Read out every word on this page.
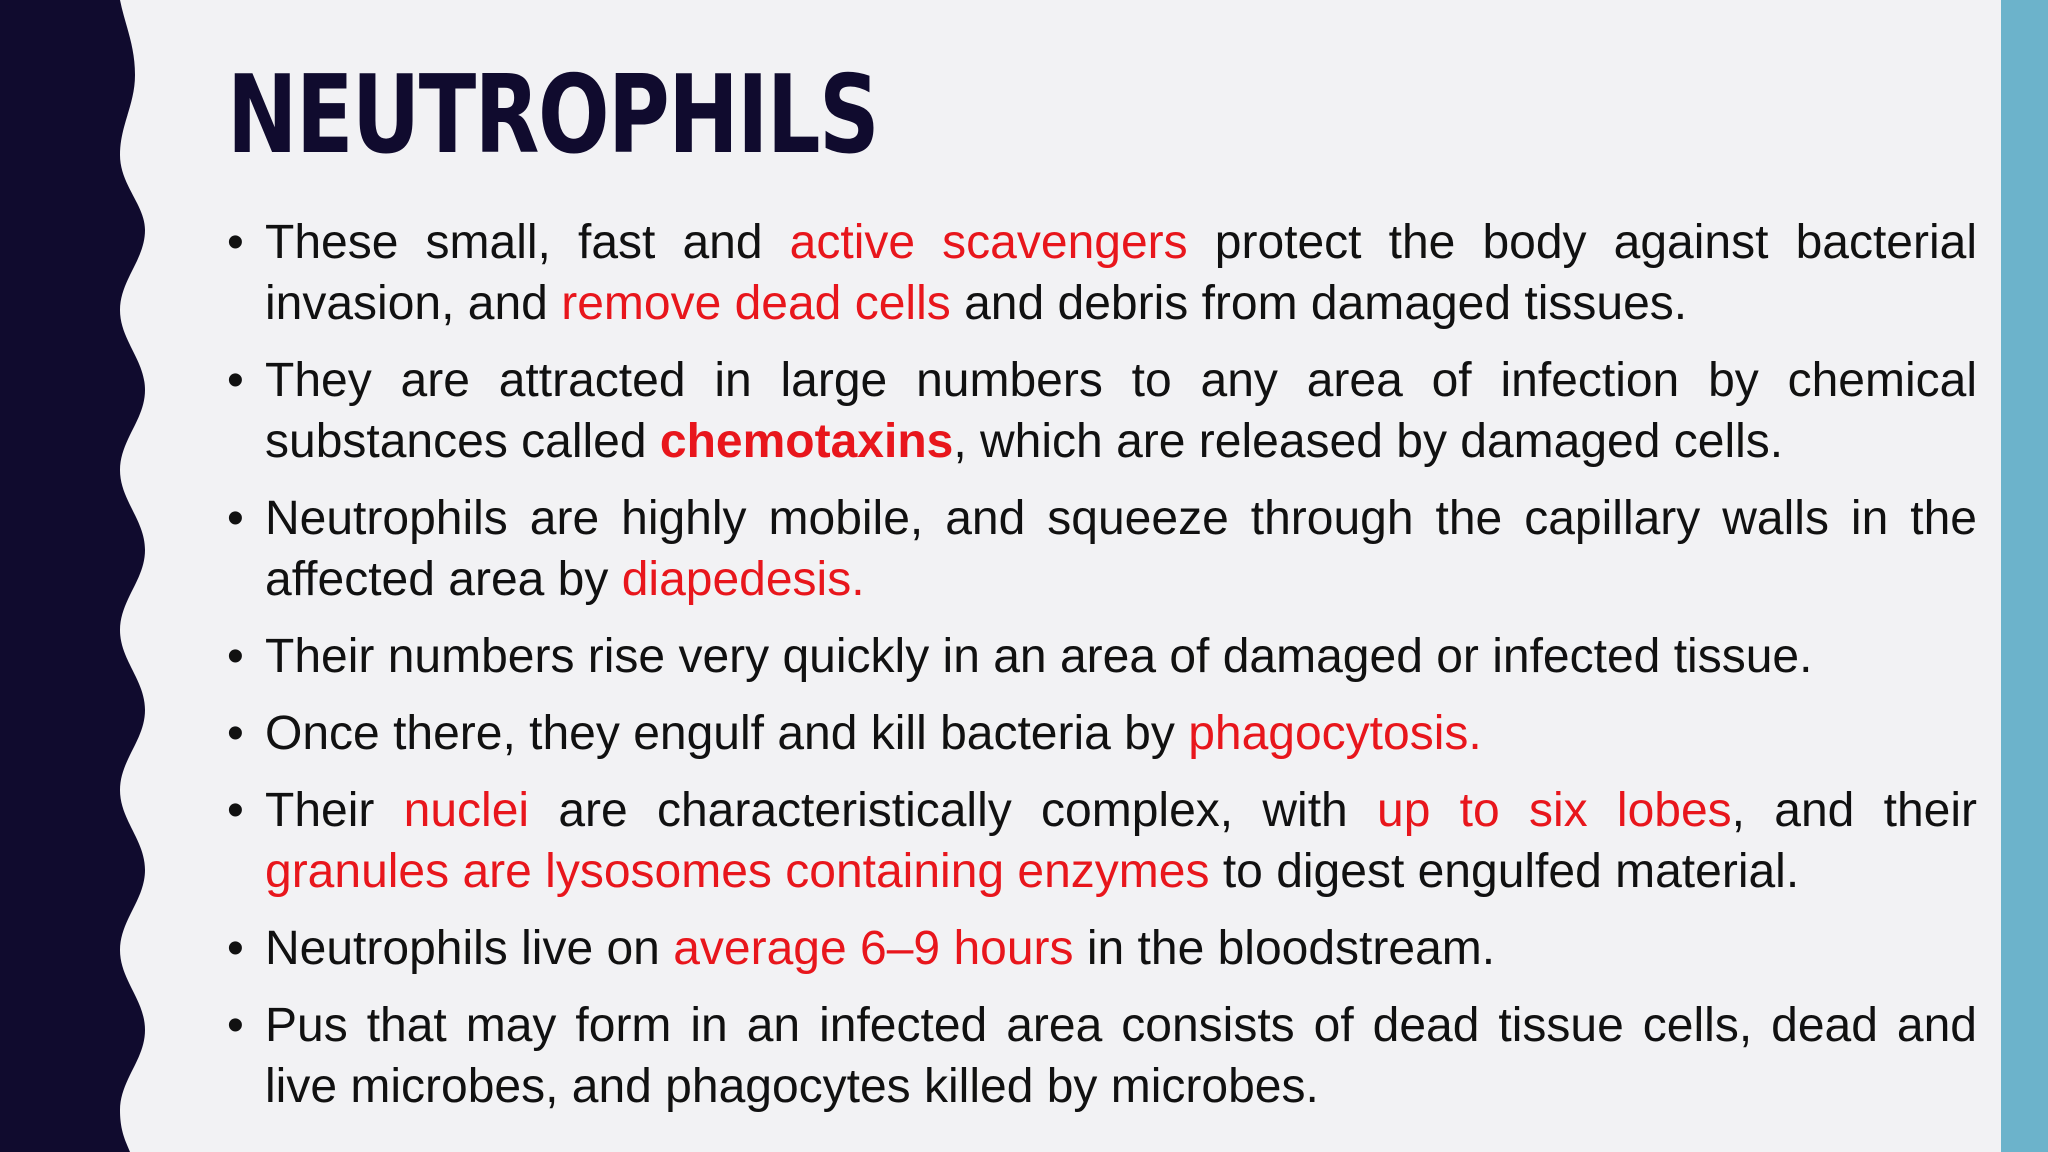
NEUTROPHILS
• These small, fast and active scavengers protect the body against bacterial invasion, and remove dead cells and debris from damaged tissues.
• They are attracted in large numbers to any area of infection by chemical substances called chemotaxins, which are released by damaged cells.
• Neutrophils are highly mobile, and squeeze through the capillary walls in the affected area by diapedesis.
• Their numbers rise very quickly in an area of damaged or infected tissue.
• Once there, they engulf and kill bacteria by phagocytosis.
• Their nuclei are characteristically complex, with up to six lobes, and their granules are lysosomes containing enzymes to digest engulfed material.
• Neutrophils live on average 6–9 hours in the bloodstream.
• Pus that may form in an infected area consists of dead tissue cells, dead and live microbes, and phagocytes killed by microbes.
